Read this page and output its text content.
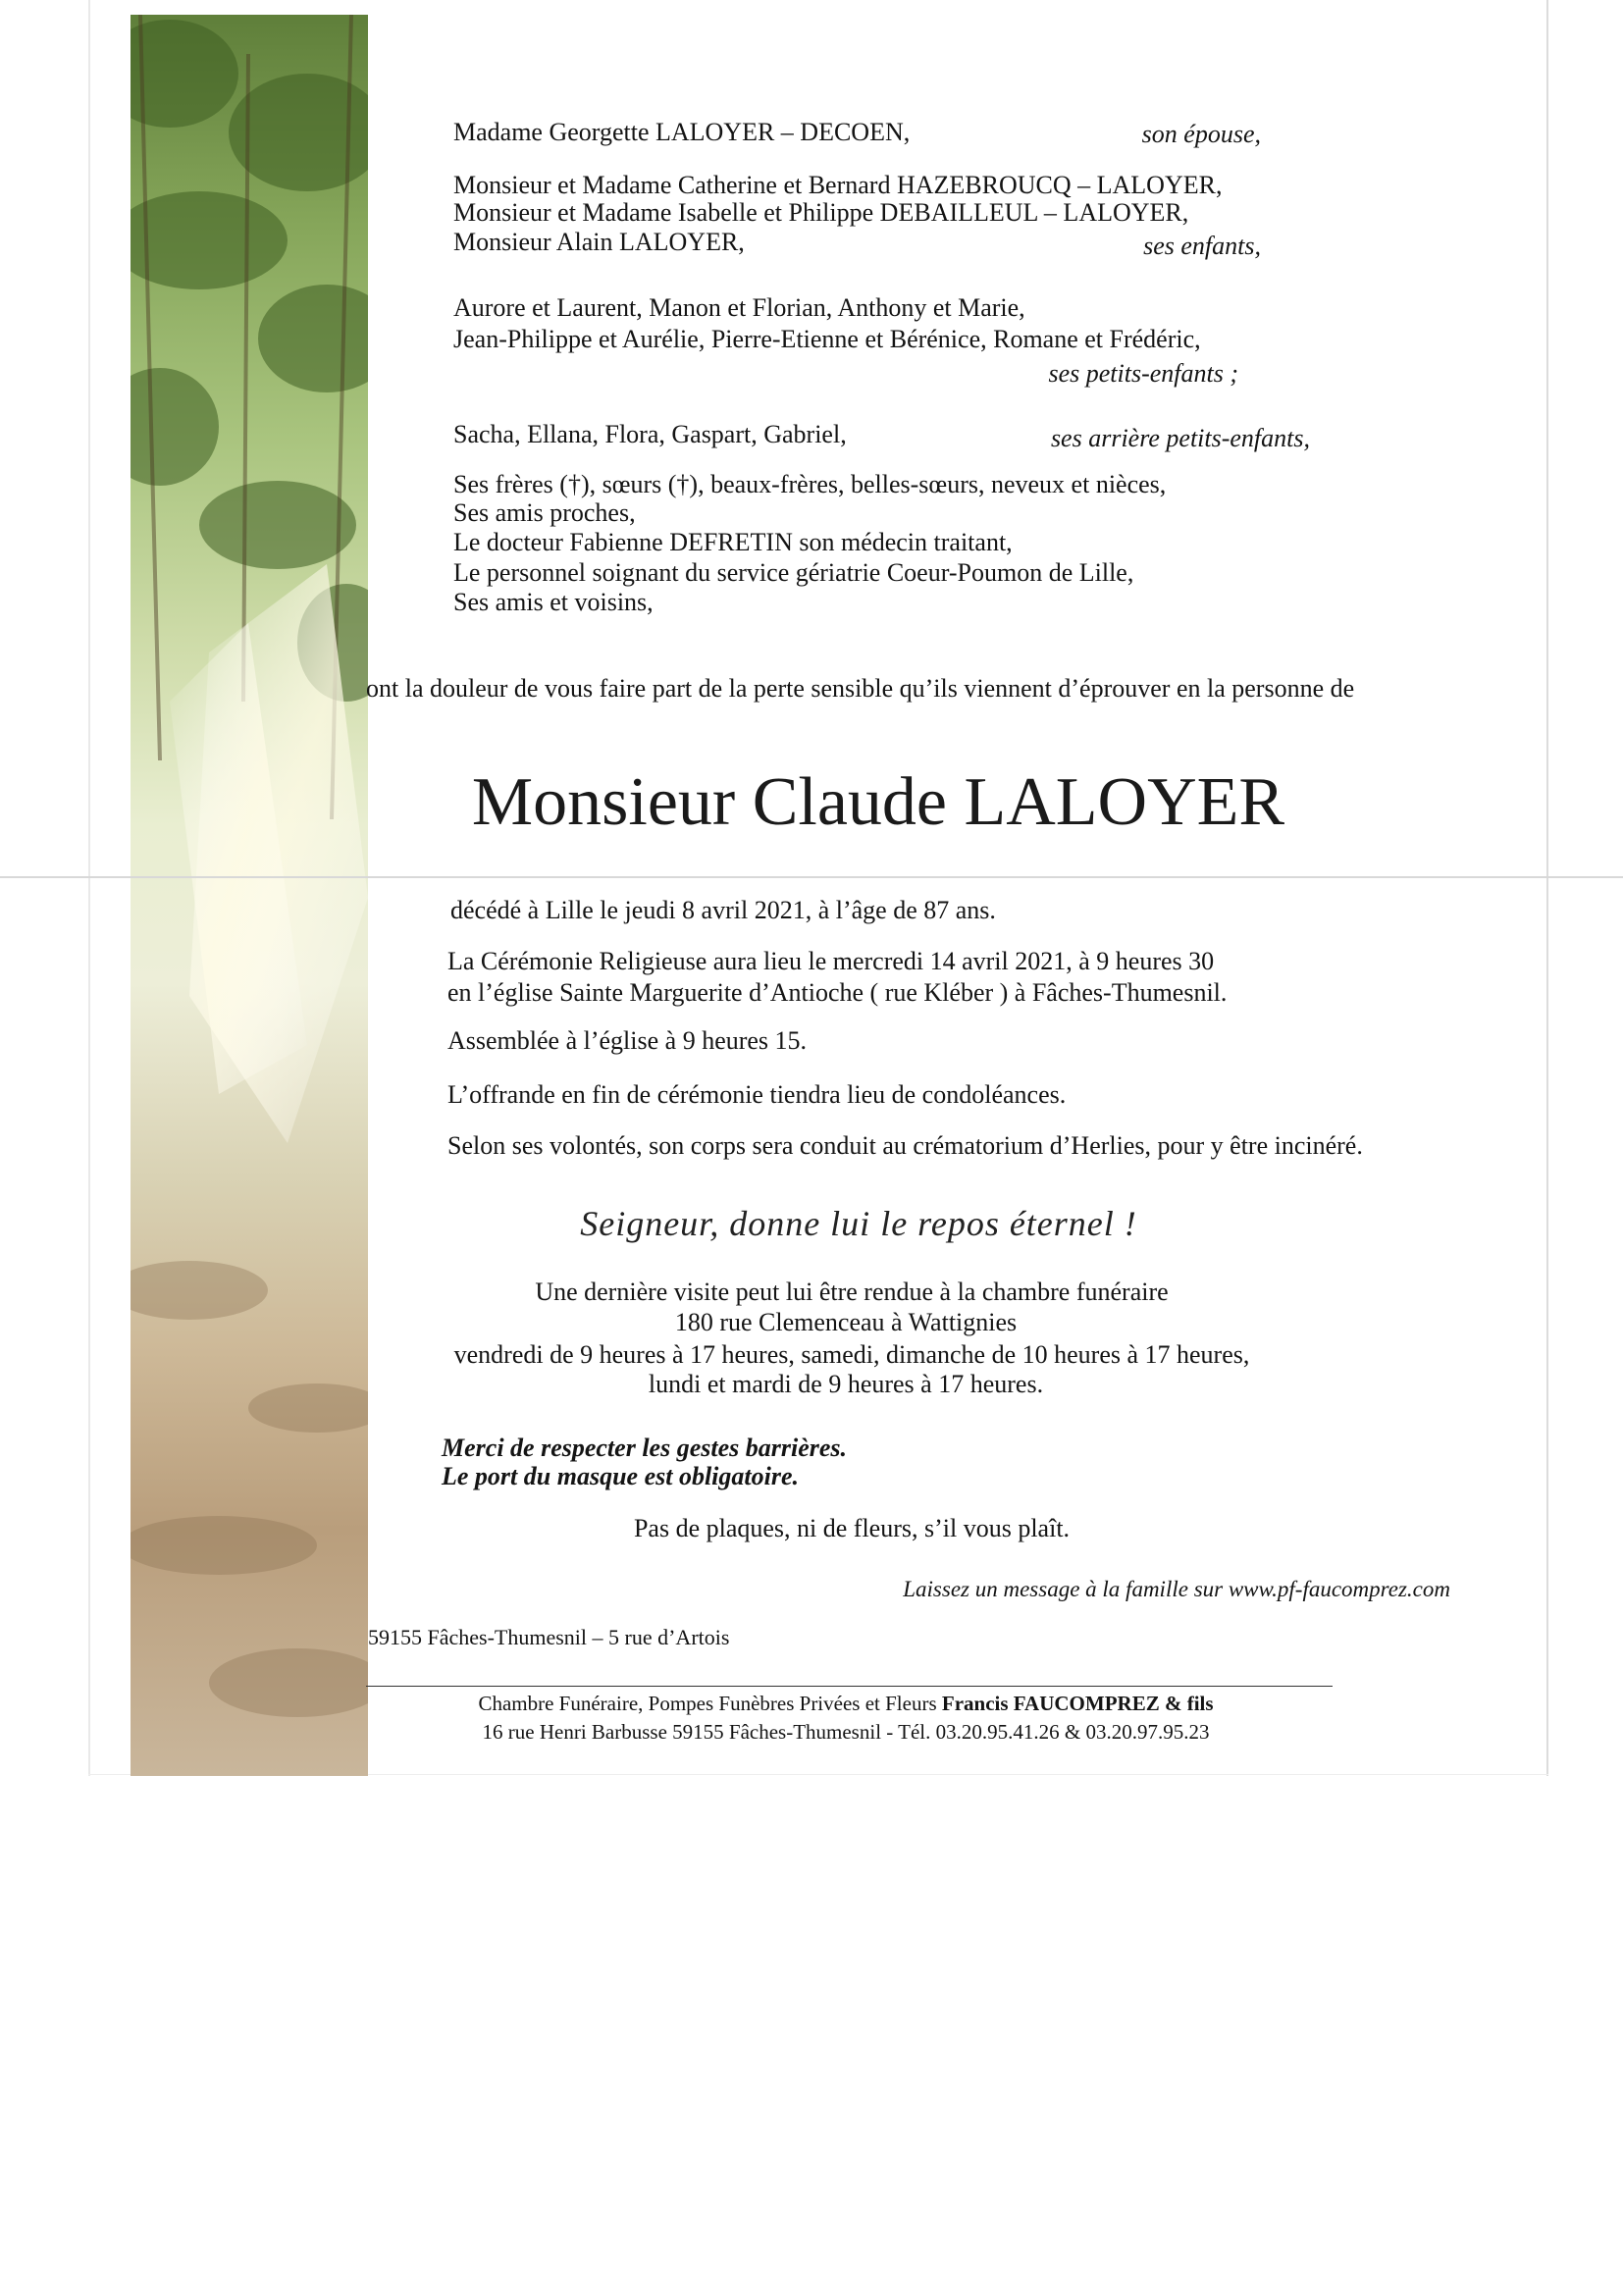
Madame Georgette LALOYER – DECOEN,	son épouse,
Monsieur et Madame Catherine et Bernard HAZEBROUCQ – LALOYER,
Monsieur et Madame Isabelle et Philippe DEBAILLEUL – LALOYER,
Monsieur Alain LALOYER,	ses enfants,
Aurore et Laurent, Manon et Florian, Anthony et Marie,
Jean-Philippe et Aurélie, Pierre-Etienne et Bérénice, Romane et Frédéric,
ses petits-enfants ;
Sacha, Ellana, Flora, Gaspart, Gabriel,	ses arrière petits-enfants,
Ses frères (†), sœurs (†), beaux-frères, belles-sœurs, neveux et nièces,
Ses amis proches,
Le docteur Fabienne DEFRETIN son médecin traitant,
Le personnel soignant du service gériatrie Coeur-Poumon de Lille,
Ses amis et voisins,
ont la douleur de vous faire part de la perte sensible qu’ils viennent d’éprouver en la personne de
Monsieur Claude LALOYER
décédé à Lille le jeudi 8 avril 2021, à l’âge de 87 ans.
La Cérémonie Religieuse aura lieu le mercredi 14 avril 2021, à 9 heures 30
en l’église Sainte Marguerite d’Antioche ( rue Kléber ) à Fâches-Thumesnil.
Assemblée à l’église à 9 heures 15.
L’offrande en fin de cérémonie tiendra lieu de condoléances.
Selon ses volontés, son corps sera conduit au crématorium d’Herlies, pour y être incinéré.
Seigneur, donne lui le repos éternel !
Une dernière visite peut lui être rendue à la chambre funéraire
180 rue Clemenceau à Wattignies
vendredi de 9 heures à 17 heures, samedi, dimanche de 10 heures à 17 heures,
lundi et mardi de 9 heures à 17 heures.
Merci de respecter les gestes barrières.
Le port du masque est obligatoire.
Pas de plaques, ni de fleurs, s’il vous plaît.
Laissez un message à la famille sur www.pf-faucomprez.com
59155 Fâches-Thumesnil – 5 rue d’Artois
Chambre Funéraire, Pompes Funèbres Privées et Fleurs Francis FAUCOMPREZ & fils
16 rue Henri Barbusse 59155 Fâches-Thumesnil - Tél. 03.20.95.41.26 & 03.20.97.95.23
